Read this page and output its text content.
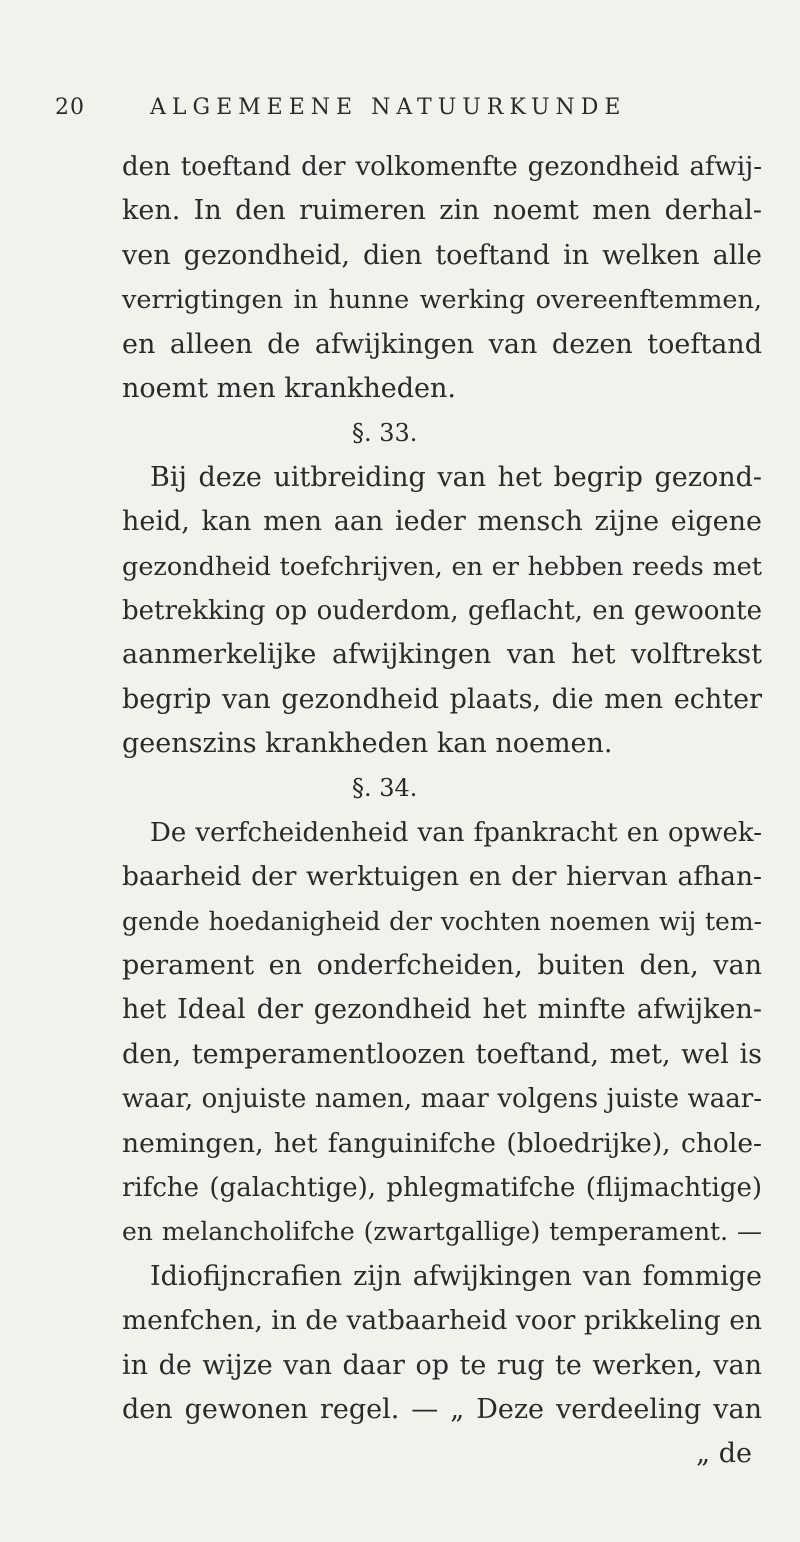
20	ALGEMEENE NATUURKUNDE
den toeftand der volkomenfte gezondheid afwij-
ken. In den ruimeren zin noemt men derhal-
ven gezondheid, dien toeftand in welken alle
verrigtingen in hunne werking overeenftemmen,
en alleen de afwijkingen van dezen toeftand
noemt men krankheden.
§. 33.
Bij deze uitbreiding van het begrip gezond-
heid, kan men aan ieder mensch zijne eigene
gezondheid toefchrijven, en er hebben reeds met
betrekking op ouderdom, geflacht, en gewoonte
aanmerkelijke afwijkingen van het volftrekst
begrip van gezondheid plaats, die men echter
geenszins krankheden kan noemen.
§. 34.
De verfcheidenheid van fpankracht en opwek-
baarheid der werktuigen en der hiervan afhan-
gende hoedanigheid der vochten noemen wij tem-
perament en onderfcheiden, buiten den, van
het Ideal der gezondheid het minfte afwijken-
den, temperamentloozen toeftand, met, wel is
waar, onjuiste namen, maar volgens juiste waar-
nemingen, het fanguinifche (bloedrijke), chole-
rifche (galachtige), phlegmatifche (flijmachtige)
en melancholifche (zwartgallige) temperament. —
Idiofijncrafien zijn afwijkingen van fommige
menfchen, in de vatbaarheid voor prikkeling en
in de wijze van daar op te rug te werken, van
den gewonen regel. — „ Deze verdeeling van
„ de
